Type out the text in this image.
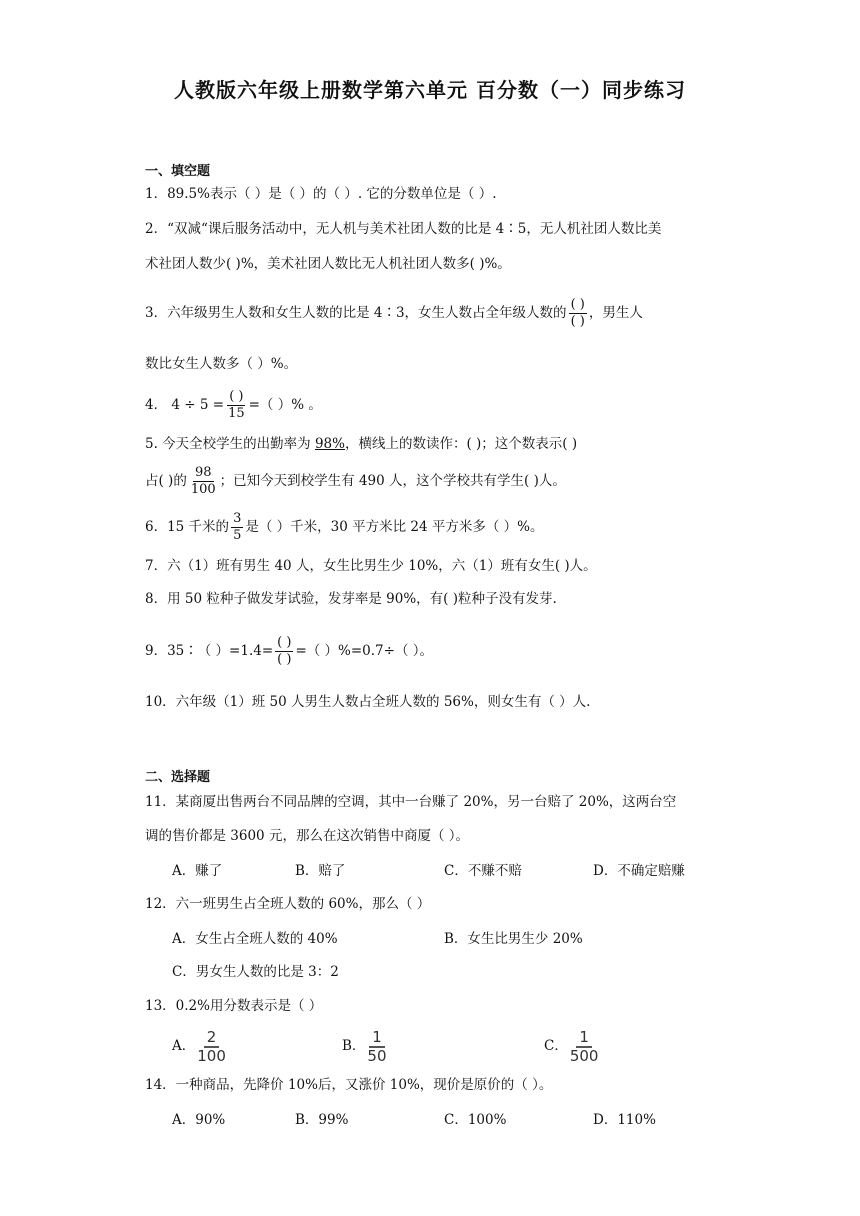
人教版六年级上册数学第六单元 百分数（一）同步练习
一、填空题
1．89.5%表示（ ）是（ ）的（ ）. 它的分数单位是（ ）.
2．“双减“课后服务活动中，无人机与美术社团人数的比是 4∶5，无人机社团人数比美
术社团人数少( )%，美术社团人数比无人机社团人数多( )%。
3．六年级男生人数和女生人数的比是 4∶3，女生人数占全年级人数的 $\frac{( )}{( )}$ ，男生人
数比女生人数多（ ）%。
4． $4 \div 5 = \frac{( )}{15}$ =（ ）% 。
5. 今天全校学生的出勤率为 98%，横线上的数读作：( )；这个数表示( )
占( )的 $\frac{98}{100}$ ；已知今天到校学生有 490 人，这个学校共有学生( )人。
6．15 千米的 $\frac{3}{5}$ 是（ ）千米，30 平方米比 24 平方米多（ ）%。
7．六（1）班有男生 40 人，女生比男生少 10%，六（1）班有女生( )人。
8．用 50 粒种子做发芽试验，发芽率是 90%，有( )粒种子没有发芽.
9．35∶（ ）$=1.4= \frac{( )}{( )}$ =（ ）%=0.7÷（ ）。
10．六年级（1）班 50 人男生人数占全班人数的 56%，则女生有（ ）人.
二、选择题
11．某商厦出售两台不同品牌的空调，其中一台赚了 20%，另一台赔了 20%，这两台空
调的售价都是 3600 元，那么在这次销售中商厦（ ）。
A．赚了	B．赔了	C．不赚不赔	D．不确定赔赚
12．六一班男生占全班人数的 60%，那么（ ）
A．女生占全班人数的 40%	B．女生比男生少 20%
C．男女生人数的比是 3：2
13．0.2%用分数表示是（ ）
A． $\frac{2}{100}$	B． $\frac{1}{50}$	C． $\frac{1}{500}$
14．一种商品，先降价 10%后，又涨价 10%，现价是原价的（ ）。
A．90%	B．99%	C．100%	D．110%
